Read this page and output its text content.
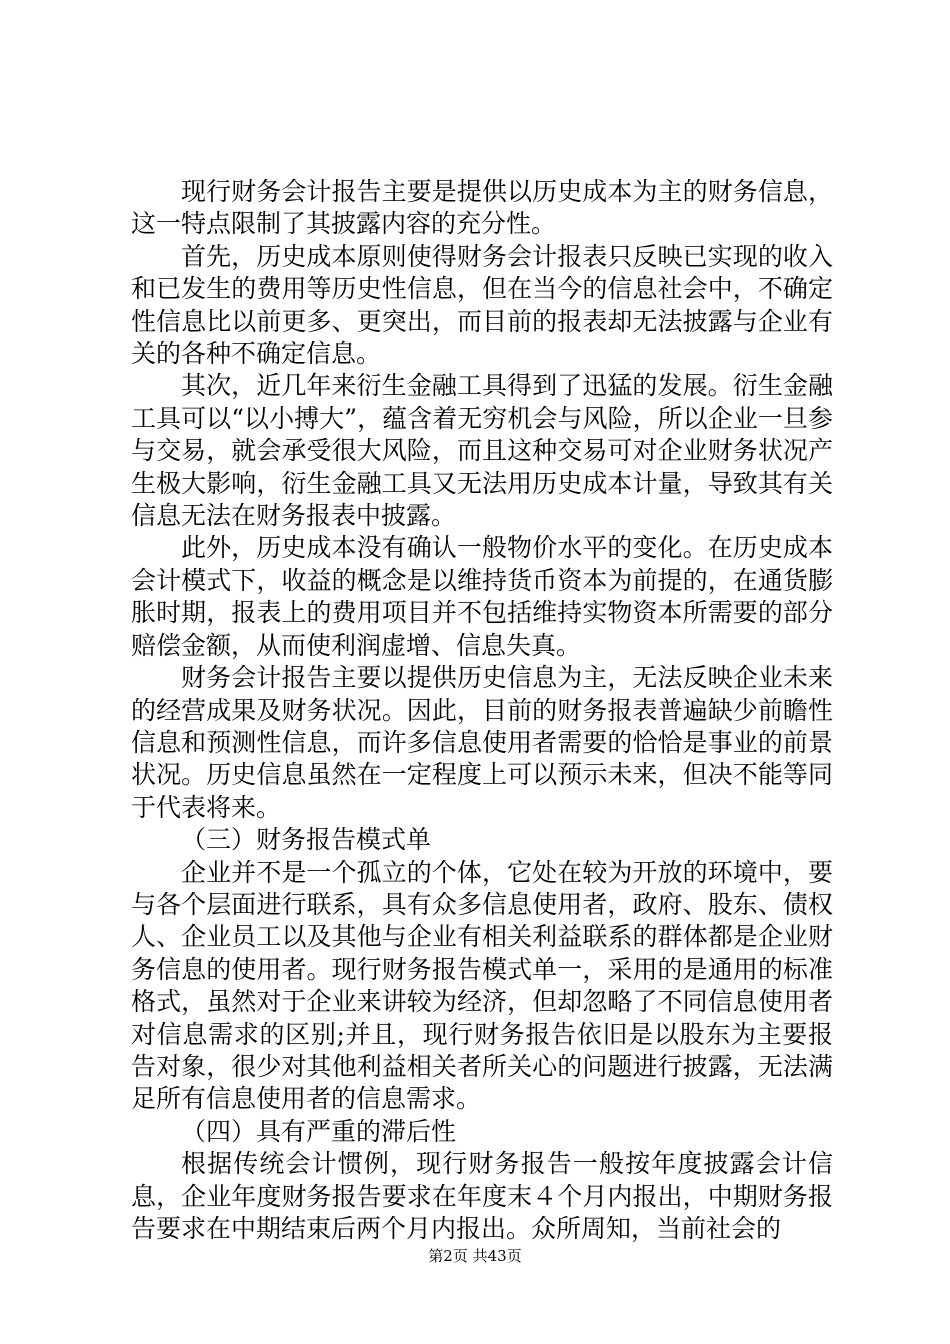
现行财务会计报告主要是提供以历史成本为主的财务信息，这一特点限制了其披露内容的充分性。

首先，历史成本原则使得财务会计报表只反映已实现的收入和已发生的费用等历史性信息，但在当今的信息社会中，不确定性信息比以前更多、更突出，而目前的报表却无法披露与企业有关的各种不确定信息。

其次，近几年来衍生金融工具得到了迅猛的发展。衍生金融工具可以“以小搏大”，蕴含着无穷机会与风险，所以企业一旦参与交易，就会承受很大风险，而且这种交易可对企业财务状况产生极大影响，衍生金融工具又无法用历史成本计量，导致其有关信息无法在财务报表中披露。

此外，历史成本没有确认一般物价水平的变化。在历史成本会计模式下，收益的概念是以维持货币资本为前提的，在通货膨胀时期，报表上的费用项目并不包括维持实物资本所需要的部分赔偿金额，从而使利润虚增、信息失真。

财务会计报告主要以提供历史信息为主，无法反映企业未来的经营成果及财务状况。因此，目前的财务报表普遍缺少前瞻性信息和预测性信息，而许多信息使用者需要的恰恰是事业的前景状况。历史信息虽然在一定程度上可以预示未来，但决不能等同于代表将来。

（三）财务报告模式单

企业并不是一个孤立的个体，它处在较为开放的环境中，要与各个层面进行联系，具有众多信息使用者，政府、股东、债权人、企业员工以及其他与企业有相关利益联系的群体都是企业财务信息的使用者。现行财务报告模式单一，采用的是通用的标准格式，虽然对于企业来讲较为经济，但却忽略了不同信息使用者对信息需求的区别;并且，现行财务报告依旧是以股东为主要报告对象，很少对其他利益相关者所关心的问题进行披露，无法满足所有信息使用者的信息需求。

（四）具有严重的滞后性

根据传统会计惯例，现行财务报告一般按年度披露会计信息，企业年度财务报告要求在年度末４个月内报出，中期财务报告要求在中期结束后两个月内报出。众所周知，当前社会的

第2页 共43页
